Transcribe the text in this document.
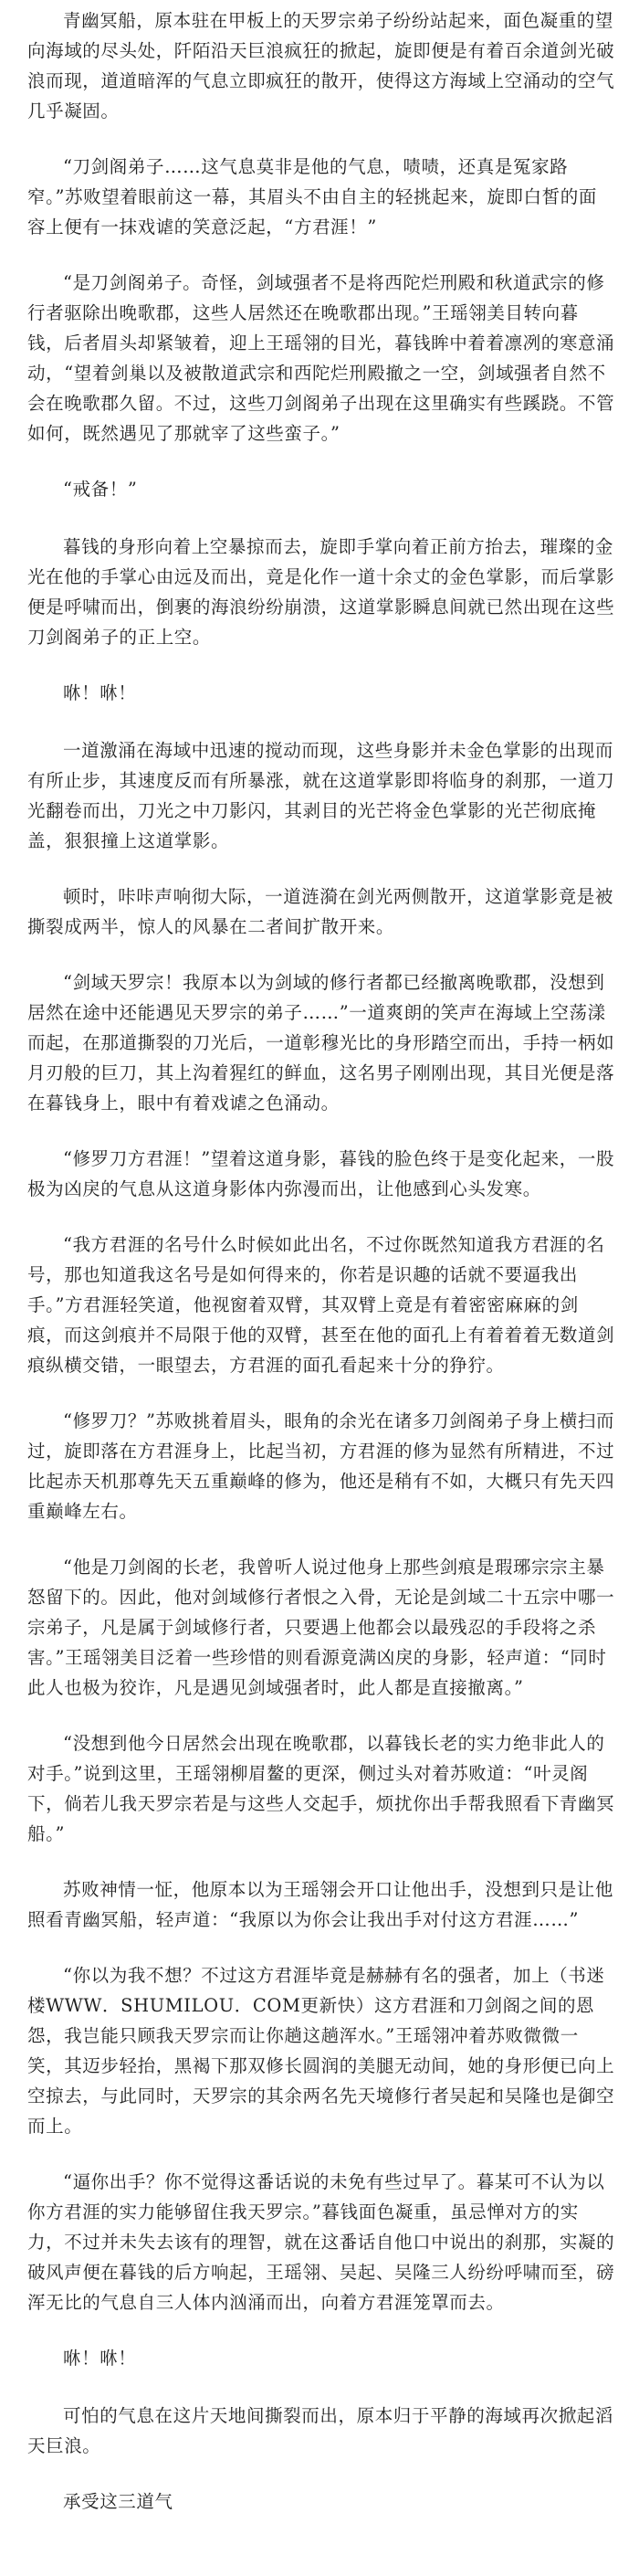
青幽冥船，原本驻在甲板上的天罗宗弟子纷纷站起来，面色凝重的望向海域的尽头处，阡陌沿天巨浪疯狂的掀起，旋即便是有着百余道剑光破浪而现，道道暗浑的气息立即疯狂的散开，使得这方海域上空涌动的空气几乎凝固。

“刀剑阁弟子……这气息莫非是他的气息，啧啧，还真是冤家路窄。”苏败望着眼前这一幕，其眉头不由自主的轻挑起来，旋即白皙的面容上便有一抹戏谑的笑意泛起，“方君涯！”

“是刀剑阁弟子。奇怪，剑域强者不是将西陀烂刑殿和秋道武宗的修行者驱除出晚歌郡，这些人居然还在晚歌郡出现。”王瑶翎美目转向暮钱，后者眉头却紧皱着，迎上王瑶翎的目光，暮钱眸中着着凛冽的寒意涌动，“望着剑巢以及被散道武宗和西陀烂刑殿撤之一空，剑域强者自然不会在晚歌郡久留。不过，这些刀剑阁弟子出现在这里确实有些蹊跷。不管如何，既然遇见了那就宰了这些蛮子。”

“戒备！”

暮钱的身形向着上空暴掠而去，旋即手掌向着正前方抬去，璀璨的金光在他的手掌心由远及而出，竟是化作一道十余丈的金色掌影，而后掌影便是呼啸而出，倒裹的海浪纷纷崩溃，这道掌影瞬息间就已然出现在这些刀剑阁弟子的正上空。

咻！咻！

一道激涌在海域中迅速的搅动而现，这些身影并未金色掌影的出现而有所止步，其速度反而有所暴涨，就在这道掌影即将临身的刹那，一道刀光翻卷而出，刀光之中刀影闪，其剥目的光芒将金色掌影的光芒彻底掩盖，狠狠撞上这道掌影。

顿时，咔咔声响彻大际，一道涟漪在剑光两侧散开，这道掌影竟是被撕裂成两半，惊人的风暴在二者间扩散开来。

“剑域天罗宗！我原本以为剑域的修行者都已经撤离晚歌郡，没想到居然在途中还能遇见天罗宗的弟子……”一道爽朗的笑声在海域上空荡漾而起，在那道撕裂的刀光后，一道彰穆光比的身形踏空而出，手持一柄如月刃般的巨刀，其上沟着猩红的鲜血，这名男子刚刚出现，其目光便是落在暮钱身上，眼中有着戏谑之色涌动。

“修罗刀方君涯！”望着这道身影，暮钱的脸色终于是变化起来，一股极为凶戾的气息从这道身影体内弥漫而出，让他感到心头发寒。

“我方君涯的名号什么时候如此出名，不过你既然知道我方君涯的名号，那也知道我这名号是如何得来的，你若是识趣的话就不要逼我出手。”方君涯轻笑道，他视窗着双臂，其双臂上竟是有着密密麻麻的剑痕，而这剑痕并不局限于他的双臂，甚至在他的面孔上有着着着无数道剑痕纵横交错，一眼望去，方君涯的面孔看起来十分的狰狞。

“修罗刀？”苏败挑着眉头，眼角的余光在诸多刀剑阁弟子身上横扫而过，旋即落在方君涯身上，比起当初，方君涯的修为显然有所精进，不过比起赤天机那尊先天五重巅峰的修为，他还是稍有不如，大概只有先天四重巅峰左右。

“他是刀剑阁的长老，我曾听人说过他身上那些剑痕是瑕琊宗宗主暴怒留下的。因此，他对剑域修行者恨之入骨，无论是剑域二十五宗中哪一宗弟子，凡是属于剑域修行者，只要遇上他都会以最残忍的手段将之杀害。”王瑶翎美目泛着一些珍惜的则看源竟满凶戾的身影，轻声道：“同时此人也极为狡诈，凡是遇见剑域强者时，此人都是直接撤离。”

“没想到他今日居然会出现在晚歌郡，以暮钱长老的实力绝非此人的对手。”说到这里，王瑶翎柳眉鳌的更深，侧过头对着苏败道：“叶灵阁下，倘若儿我天罗宗若是与这些人交起手，烦扰你出手帮我照看下青幽冥船。”

苏败神情一怔，他原本以为王瑶翎会开口让他出手，没想到只是让他照看青幽冥船，轻声道：“我原以为你会让我出手对付这方君涯……”

“你以为我不想？不过这方君涯毕竟是赫赫有名的强者，加上（书迷楼WWW．SHUMILOU．COM更新快）这方君涯和刀剑阁之间的恩怨，我岂能只顾我天罗宗而让你趟这趟浑水。”王瑶翎冲着苏败微微一笑，其迈步轻抬，黑褐下那双修长圆润的美腿无动间，她的身形便已向上空掠去，与此同时，天罗宗的其余两名先天境修行者吴起和吴隆也是御空而上。

“逼你出手？你不觉得这番话说的未免有些过早了。暮某可不认为以你方君涯的实力能够留住我天罗宗。”暮钱面色凝重，虽忌惮对方的实力，不过并未失去该有的理智，就在这番话自他口中说出的刹那，实凝的破风声便在暮钱的后方响起，王瑶翎、吴起、吴隆三人纷纷呼啸而至，磅浑无比的气息自三人体内汹涌而出，向着方君涯笼罩而去。

咻！咻！

可怕的气息在这片天地间撕裂而出，原本归于平静的海域再次掀起滔天巨浪。

承受这三道气
